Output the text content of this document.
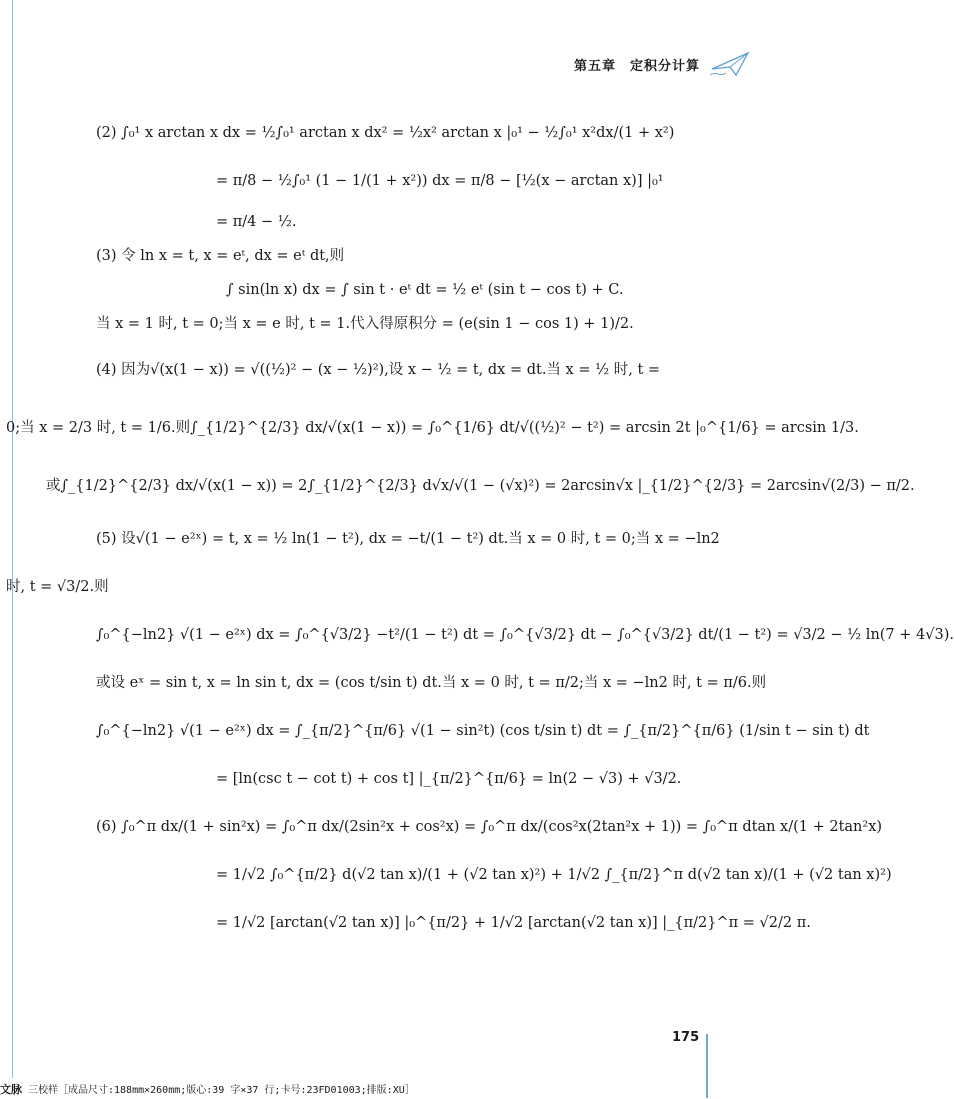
第五章　定积分计算
(2) ∫₀¹ x arctan x dx = ½∫₀¹ arctan x dx² = ½x² arctan x |₀¹ − ½∫₀¹ x²dx/(1 + x²)
= π/8 − ½∫₀¹ (1 − 1/(1 + x²)) dx = π/8 − [½(x − arctan x)] |₀¹
= π/4 − ½.
(3) 令 ln x = t, x = eᵗ, dx = eᵗ dt,则
∫ sin(ln x) dx = ∫ sin t · eᵗ dt = ½ eᵗ (sin t − cos t) + C.
当 x = 1 时, t = 0;当 x = e 时, t = 1.代入得原积分 = (e(sin 1 − cos 1) + 1)/2.
(4) 因为√(x(1 − x)) = √((½)² − (x − ½)²),设 x − ½ = t, dx = dt.当 x = ½ 时, t =
0;当 x = 2/3 时, t = 1/6.则∫_{1/2}^{2/3} dx/√(x(1 − x)) = ∫₀^{1/6} dt/√((½)² − t²) = arcsin 2t |₀^{1/6} = arcsin 1/3.
或∫_{1/2}^{2/3} dx/√(x(1 − x)) = 2∫_{1/2}^{2/3} d√x/√(1 − (√x)²) = 2arcsin√x |_{1/2}^{2/3} = 2arcsin√(2/3) − π/2.
(5) 设√(1 − e²ˣ) = t, x = ½ ln(1 − t²), dx = −t/(1 − t²) dt.当 x = 0 时, t = 0;当 x = −ln2
时, t = √3/2.则
∫₀^{−ln2} √(1 − e²ˣ) dx = ∫₀^{√3/2} −t²/(1 − t²) dt = ∫₀^{√3/2} dt − ∫₀^{√3/2} dt/(1 − t²) = √3/2 − ½ ln(7 + 4√3).
或设 eˣ = sin t, x = ln sin t, dx = (cos t/sin t) dt.当 x = 0 时, t = π/2;当 x = −ln2 时, t = π/6.则
∫₀^{−ln2} √(1 − e²ˣ) dx = ∫_{π/2}^{π/6} √(1 − sin²t) (cos t/sin t) dt = ∫_{π/2}^{π/6} (1/sin t − sin t) dt
= [ln(csc t − cot t) + cos t] |_{π/2}^{π/6} = ln(2 − √3) + √3/2.
(6) ∫₀^π dx/(1 + sin²x) = ∫₀^π dx/(2sin²x + cos²x) = ∫₀^π dx/(cos²x(2tan²x + 1)) = ∫₀^π dtan x/(1 + 2tan²x)
= 1/√2 ∫₀^{π/2} d(√2 tan x)/(1 + (√2 tan x)²) + 1/√2 ∫_{π/2}^π d(√2 tan x)/(1 + (√2 tan x)²)
= 1/√2 [arctan(√2 tan x)] |₀^{π/2} + 1/√2 [arctan(√2 tan x)] |_{π/2}^π = √2/2 π.
175
文脉 三校样［成品尺寸:188mm×260mm;版心:39 字×37 行;卡号:23FD01003;排版:XU］
